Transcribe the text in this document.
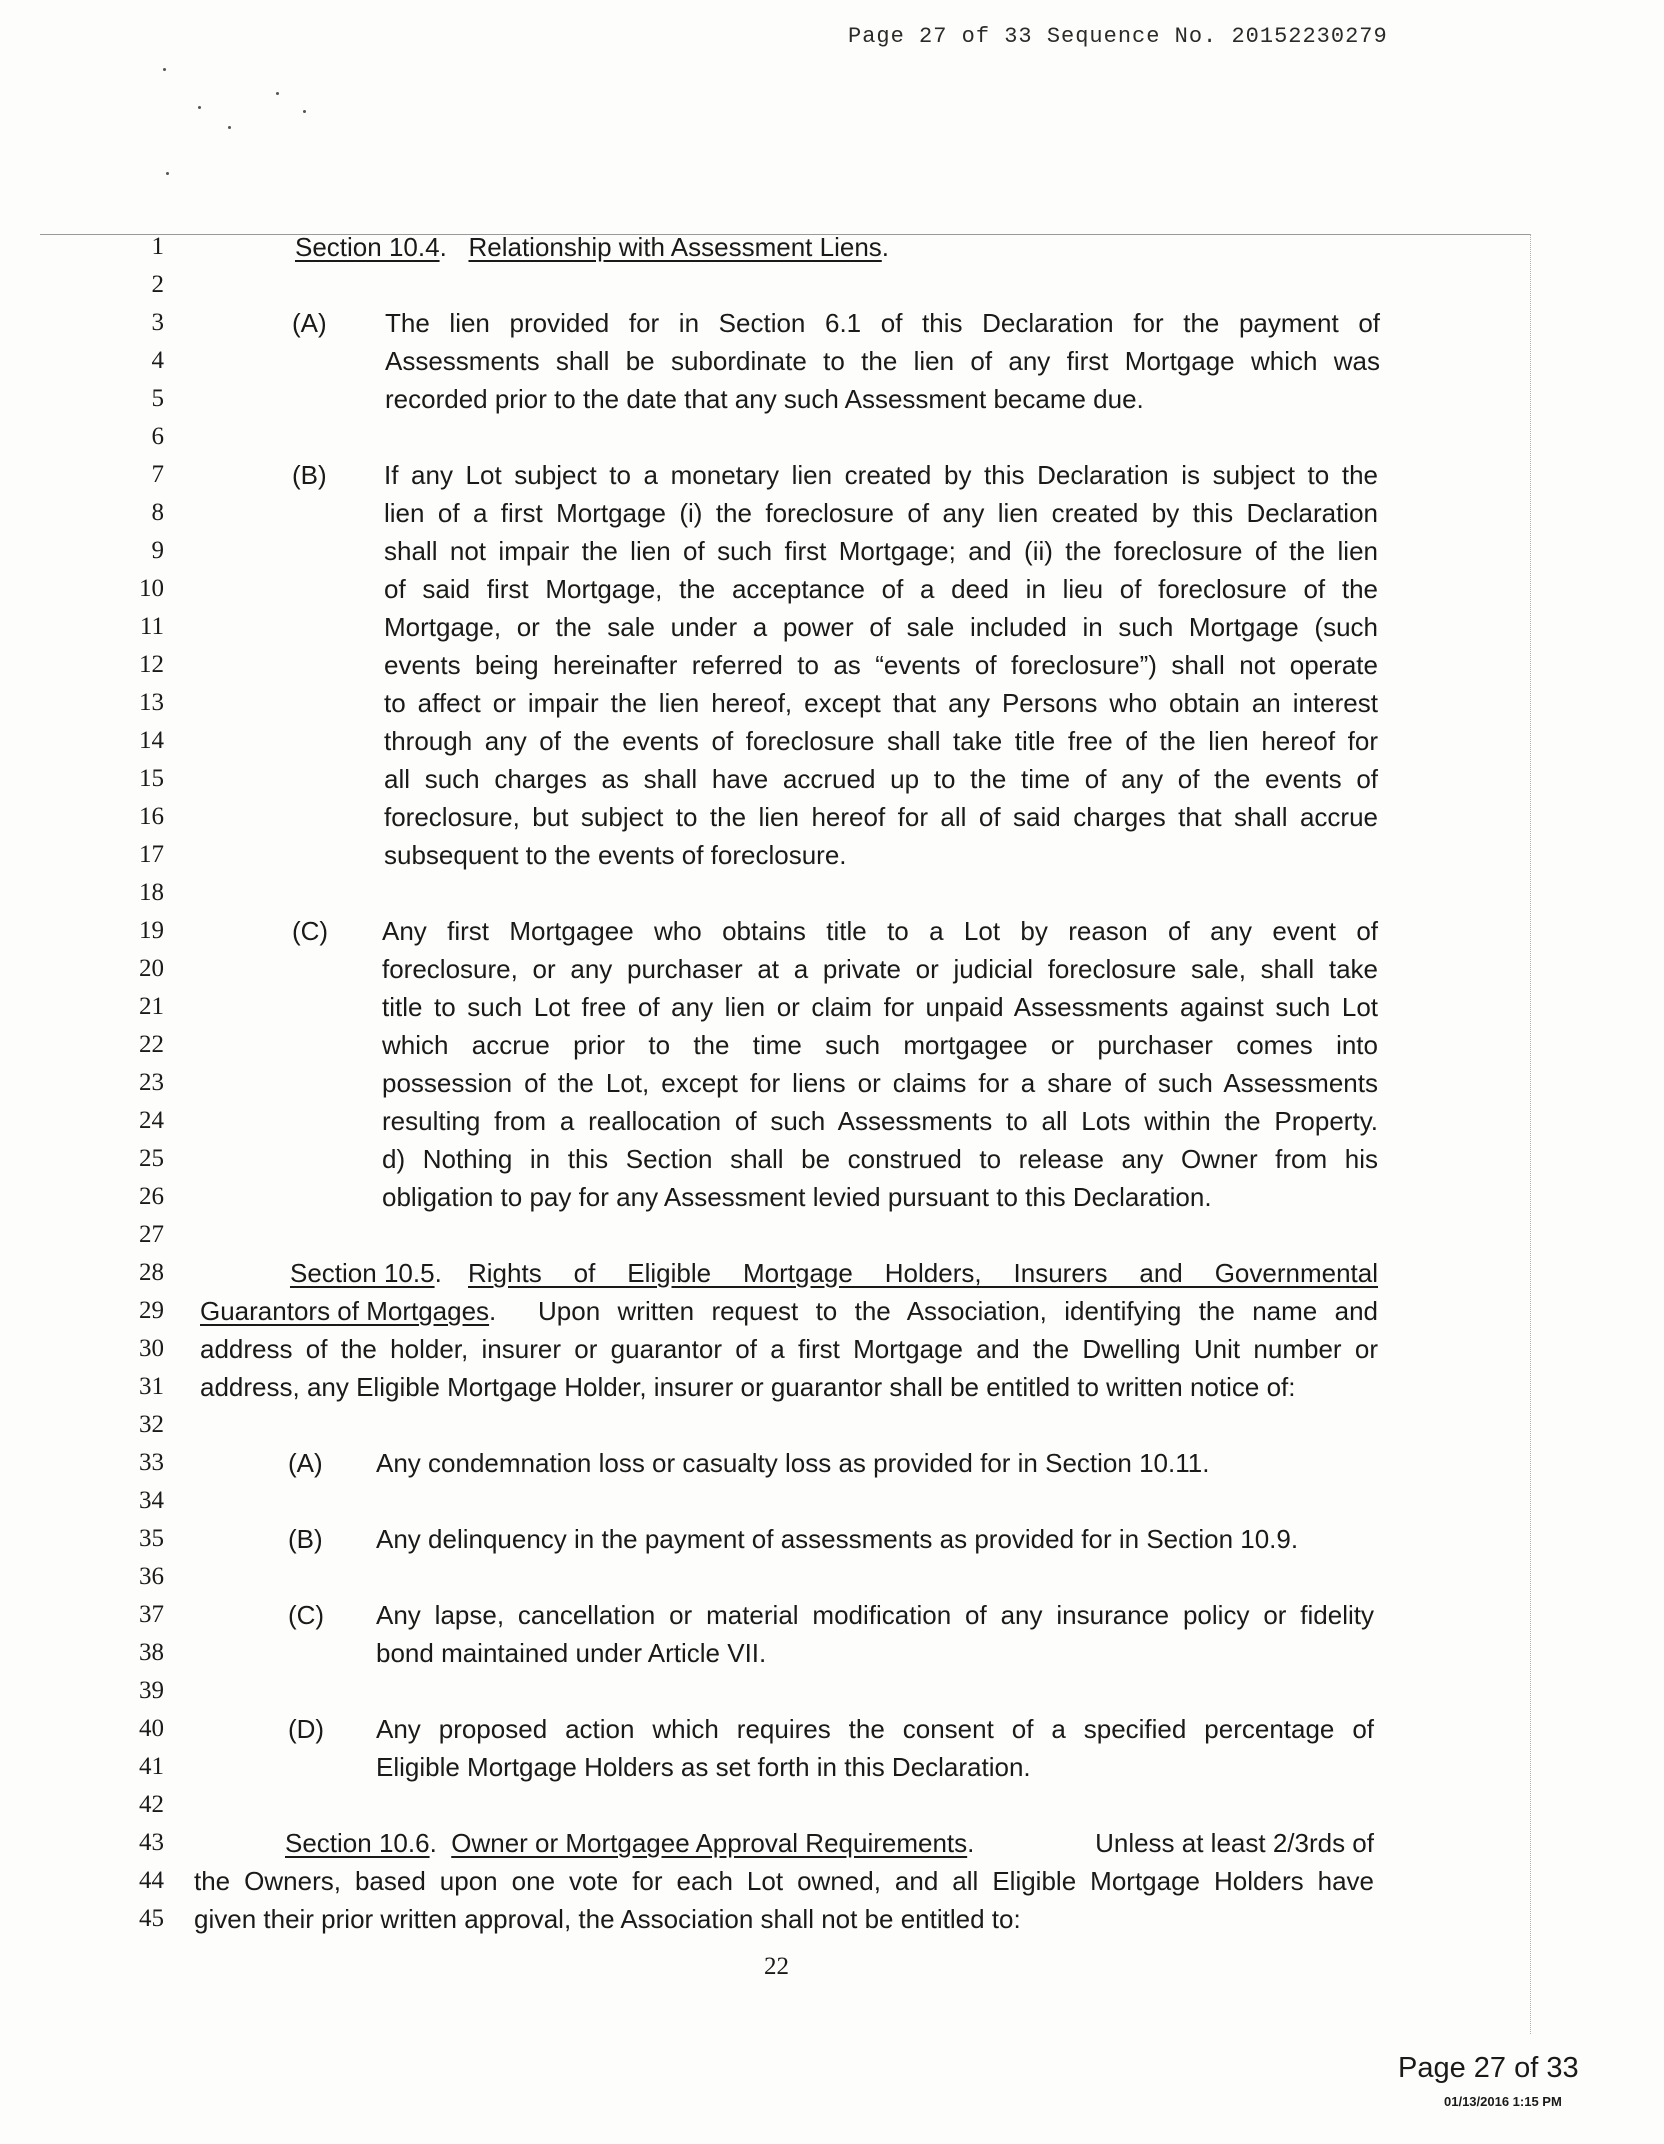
Page 27 of 33 Sequence No. 20152230279
1
2
3
4
5
6
7
8
9
10
11
12
13
14
15
16
17
18
19
20
21
22
23
24
25
26
27
28
29
30
31
32
33
34
35
36
37
38
39
40
41
42
43
44
45
Section 10.4.   Relationship with Assessment Liens.
(A) The lien provided for in Section 6.1 of this Declaration for the payment of
Assessments shall be subordinate to the lien of any first Mortgage which was
recorded prior to the date that any such Assessment became due.
(B) If any Lot subject to a monetary lien created by this Declaration is subject to the
lien of a first Mortgage (i) the foreclosure of any lien created by this Declaration
shall not impair the lien of such first Mortgage; and (ii) the foreclosure of the lien
of said first Mortgage, the acceptance of a deed in lieu of foreclosure of the
Mortgage, or the sale under a power of sale included in such Mortgage (such
events being hereinafter referred to as “events of foreclosure”) shall not operate
to affect or impair the lien hereof, except that any Persons who obtain an interest
through any of the events of foreclosure shall take title free of the lien hereof for
all such charges as shall have accrued up to the time of any of the events of
foreclosure, but subject to the lien hereof for all of said charges that shall accrue
subsequent to the events of foreclosure.
(C) Any first Mortgagee who obtains title to a Lot by reason of any event of
foreclosure, or any purchaser at a private or judicial foreclosure sale, shall take
title to such Lot free of any lien or claim for unpaid Assessments against such Lot
which accrue prior to the time such mortgagee or purchaser comes into
possession of the Lot, except for liens or claims for a share of such Assessments
resulting from a reallocation of such Assessments to all Lots within the Property.
d) Nothing in this Section shall be construed to release any Owner from his
obligation to pay for any Assessment levied pursuant to this Declaration.
Section 10.5. Rights of Eligible Mortgage Holders, Insurers and Governmental
Guarantors of Mortgages. Upon written request to the Association, identifying the name and
address of the holder, insurer or guarantor of a first Mortgage and the Dwelling Unit number or
address, any Eligible Mortgage Holder, insurer or guarantor shall be entitled to written notice of:
(A) Any condemnation loss or casualty loss as provided for in Section 10.11.
(B) Any delinquency in the payment of assessments as provided for in Section 10.9.
(C) Any lapse, cancellation or material modification of any insurance policy or fidelity
bond maintained under Article VII.
(D) Any proposed action which requires the consent of a specified percentage of
Eligible Mortgage Holders as set forth in this Declaration.
Section 10.6.  Owner or Mortgagee Approval Requirements.	Unless at least 2/3rds of
the Owners, based upon one vote for each Lot owned, and all Eligible Mortgage Holders have
given their prior written approval, the Association shall not be entitled to:
22
Page 27 of 33
01/13/2016 1:15 PM
